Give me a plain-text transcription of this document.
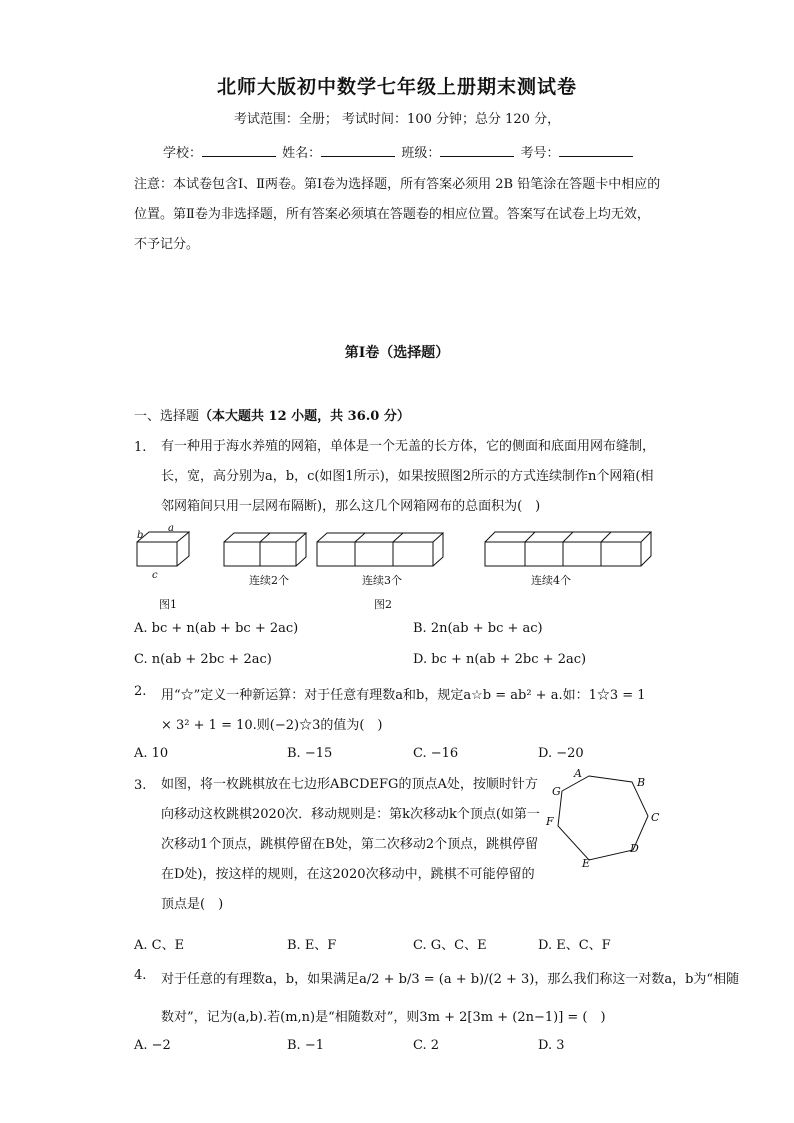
北师大版初中数学七年级上册期末测试卷
考试范围：全册； 考试时间：100 分钟；总分 120 分，
学校：	姓名：	班级：	考号：
注意：本试卷包含Ⅰ、Ⅱ两卷。第Ⅰ卷为选择题，所有答案必须用 2B 铅笔涂在答题卡中相应的位置。第Ⅱ卷为非选择题，所有答案必须填在答题卷的相应位置。答案写在试卷上均无效，不予记分。
第Ⅰ卷（选择题）
一、选择题（本大题共 12 小题，共 36.0 分）
1. 有一种用于海水养殖的网箱，单体是一个无盖的长方体，它的侧面和底面用网布缝制，长，宽，高分别为a，b，c(如图1所示)，如果按照图2所示的方式连续制作n个网箱(相邻网箱间只用一层网布隔断)，那么这几个网箱网布的总面积为(　)
a
b
c	连续2个	连续3个	连续4个
图1	图2
A. bc + n(ab + bc + 2ac)	B. 2n(ab + bc + ac)
C. n(ab + 2bc + 2ac)	D. bc + n(ab + 2bc + 2ac)
2. 用“☆”定义一种新运算：对于任意有理数a和b，规定a☆b = ab² + a.如：1☆3 = 1
× 3² + 1 = 10.则(−2)☆3的值为(　)
A. 10	B. −15	C. −16	D. −20
3. 如图，将一枚跳棋放在七边形ABCDEFG的顶点A处，按顺时针方向移动这枚跳棋2020次．移动规则是：第k次移动k个顶点(如第一次移动1个顶点，跳棋停留在B处，第二次移动2个顶点，跳棋停留在D处)，按这样的规则，在这2020次移动中，跳棋不可能停留的顶点是(　)
A
B
C
D
E
F
G
A. C、E	B. E、F	C. G、C、E	D. E、C、F
4. 对于任意的有理数a，b，如果满足a/2 + b/3 = (a + b)/(2 + 3)，那么我们称这一对数a，b为“相随
数对”，记为(a,b).若(m,n)是“相随数对”，则3m + 2[3m + (2n−1)] = (　)
A. −2	B. −1	C. 2	D. 3
